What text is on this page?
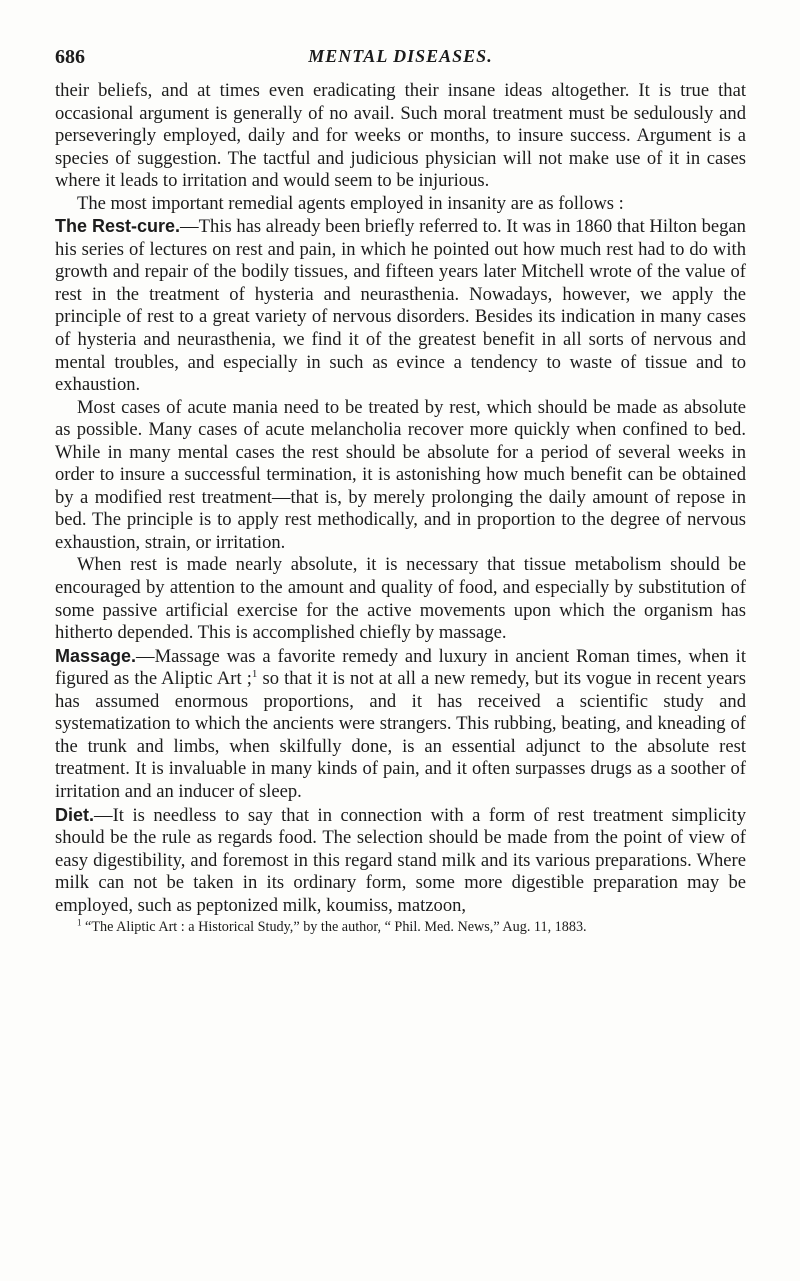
686	MENTAL DISEASES.

their beliefs, and at times even eradicating their insane ideas altogether. It is true that occasional argument is generally of no avail. Such moral treatment must be sedulously and perseveringly employed, daily and for weeks or months, to insure success. Argument is a species of suggestion. The tactful and judicious physician will not make use of it in cases where it leads to irritation and would seem to be injurious.

The most important remedial agents employed in insanity are as follows :

The Rest-cure.—This has already been briefly referred to. It was in 1860 that Hilton began his series of lectures on rest and pain, in which he pointed out how much rest had to do with growth and repair of the bodily tissues, and fifteen years later Mitchell wrote of the value of rest in the treatment of hysteria and neurasthenia. Nowadays, however, we apply the principle of rest to a great variety of nervous disorders. Besides its indication in many cases of hysteria and neurasthenia, we find it of the greatest benefit in all sorts of nervous and mental troubles, and especially in such as evince a tendency to waste of tissue and to exhaustion.

Most cases of acute mania need to be treated by rest, which should be made as absolute as possible. Many cases of acute melancholia recover more quickly when confined to bed. While in many mental cases the rest should be absolute for a period of several weeks in order to insure a successful termination, it is astonishing how much benefit can be obtained by a modified rest treatment—that is, by merely prolonging the daily amount of repose in bed. The principle is to apply rest methodically, and in proportion to the degree of nervous exhaustion, strain, or irritation.

When rest is made nearly absolute, it is necessary that tissue metabolism should be encouraged by attention to the amount and quality of food, and especially by substitution of some passive artificial exercise for the active movements upon which the organism has hitherto depended. This is accomplished chiefly by massage.

Massage.—Massage was a favorite remedy and luxury in ancient Roman times, when it figured as the Aliptic Art ;$^1$ so that it is not at all a new remedy, but its vogue in recent years has assumed enormous proportions, and it has received a scientific study and systematization to which the ancients were strangers. This rubbing, beating, and kneading of the trunk and limbs, when skilfully done, is an essential adjunct to the absolute rest treatment. It is invaluable in many kinds of pain, and it often surpasses drugs as a soother of irritation and an inducer of sleep.

Diet.—It is needless to say that in connection with a form of rest treatment simplicity should be the rule as regards food. The selection should be made from the point of view of easy digestibility, and foremost in this regard stand milk and its various preparations. Where milk can not be taken in its ordinary form, some more digestible preparation may be employed, such as peptonized milk, koumiss, matzoon,

$^1$ “The Aliptic Art : a Historical Study,” by the author, “ Phil. Med. News,” Aug. 11, 1883.
